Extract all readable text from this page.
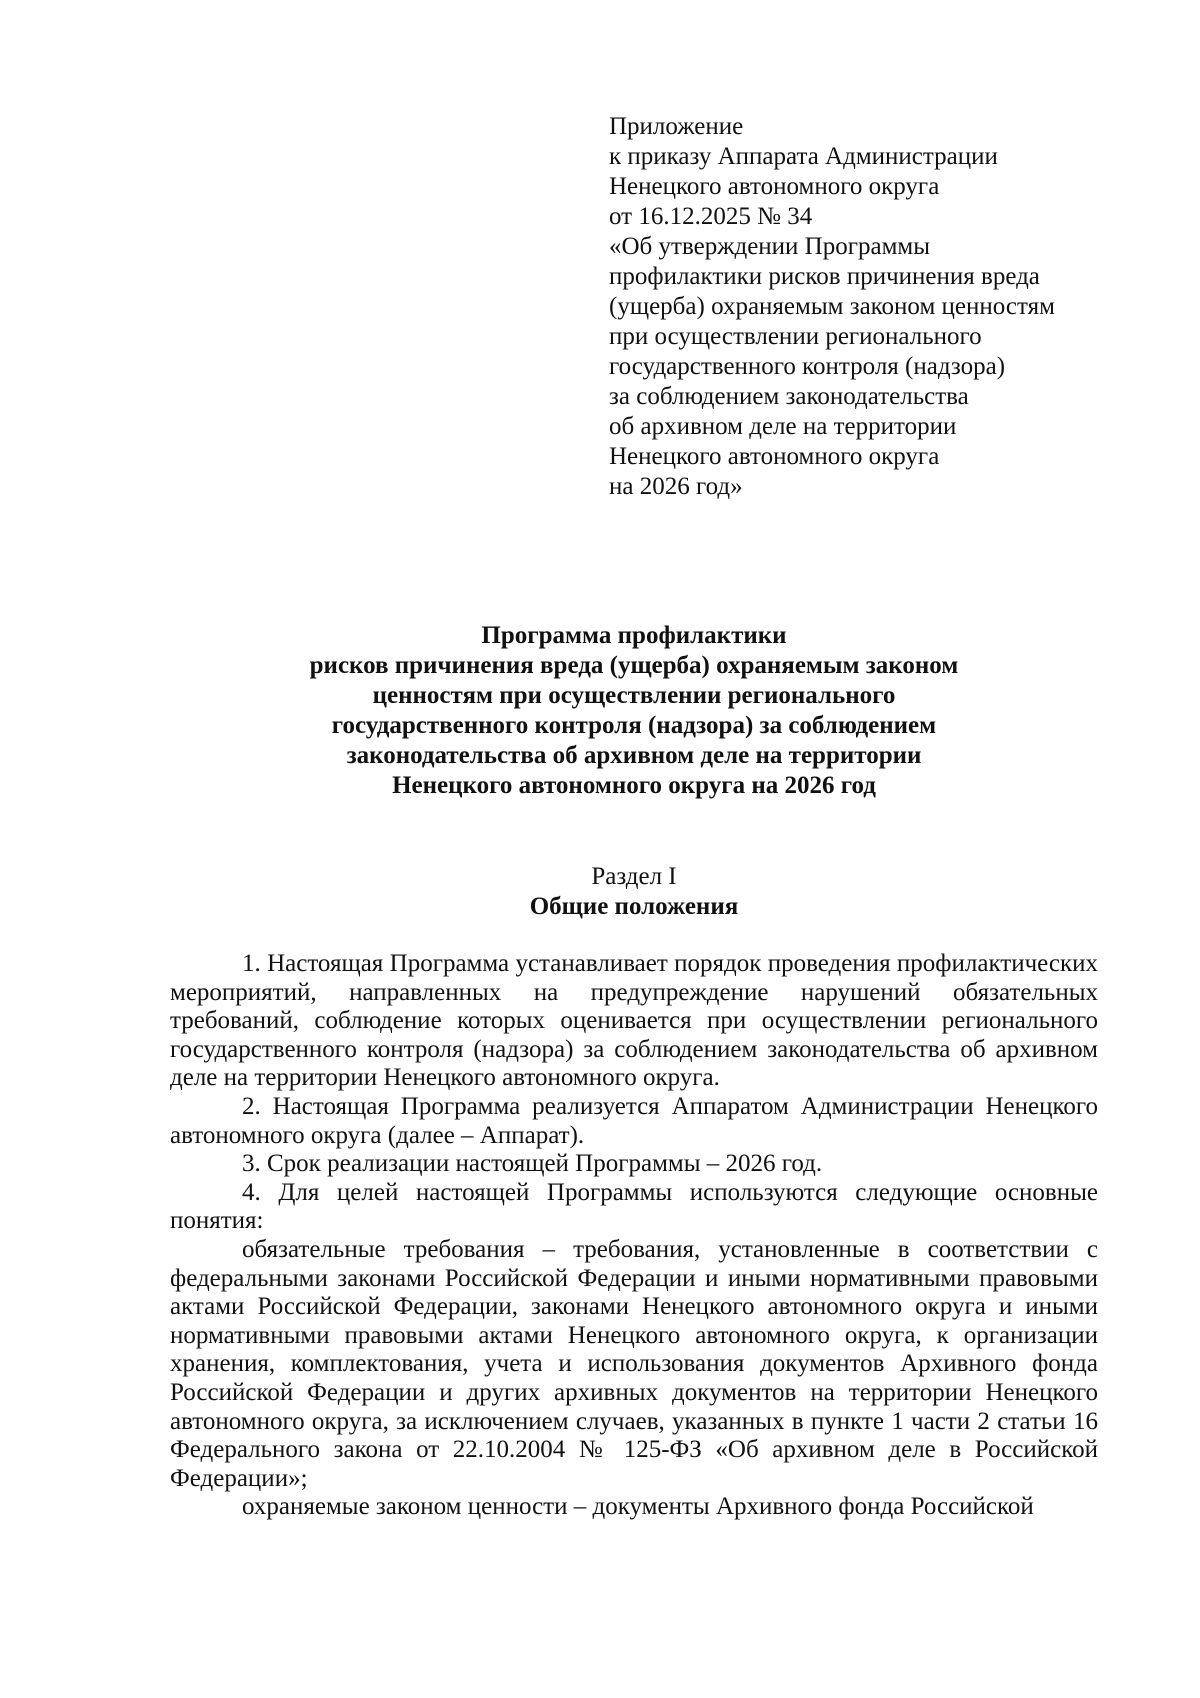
Приложение
к приказу Аппарата Администрации
Ненецкого автономного округа
от 16.12.2025 № 34
«Об утверждении Программы
профилактики рисков причинения вреда
(ущерба) охраняемым законом ценностям
при осуществлении регионального
государственного контроля (надзора)
за соблюдением законодательства
об архивном деле на территории
Ненецкого автономного округа
на 2026 год»
Программа профилактики
рисков причинения вреда (ущерба) охраняемым законом
ценностям при осуществлении регионального
государственного контроля (надзора) за соблюдением
законодательства об архивном деле на территории
Ненецкого автономного округа на 2026 год
Раздел I
Общие положения

1. Настоящая Программа устанавливает порядок проведения профилактических мероприятий, направленных на предупреждение нарушений обязательных требований, соблюдение которых оценивается при осуществлении регионального государственного контроля (надзора) за соблюдением законодательства об архивном деле на территории Ненецкого автономного округа.

2. Настоящая Программа реализуется Аппаратом Администрации Ненецкого автономного округа (далее – Аппарат).

3. Срок реализации настоящей Программы – 2026 год.

4. Для целей настоящей Программы используются следующие основные понятия:

обязательные требования – требования, установленные в соответствии с федеральными законами Российской Федерации и иными нормативными правовыми актами Российской Федерации, законами Ненецкого автономного округа и иными нормативными правовыми актами Ненецкого автономного округа, к организации хранения, комплектования, учета и использования документов Архивного фонда Российской Федерации и других архивных документов на территории Ненецкого автономного округа, за исключением случаев, указанных в пункте 1 части 2 статьи 16 Федерального закона от 22.10.2004 № 125-ФЗ «Об архивном деле в Российской Федерации»;

охраняемые законом ценности – документы Архивного фонда Российской
